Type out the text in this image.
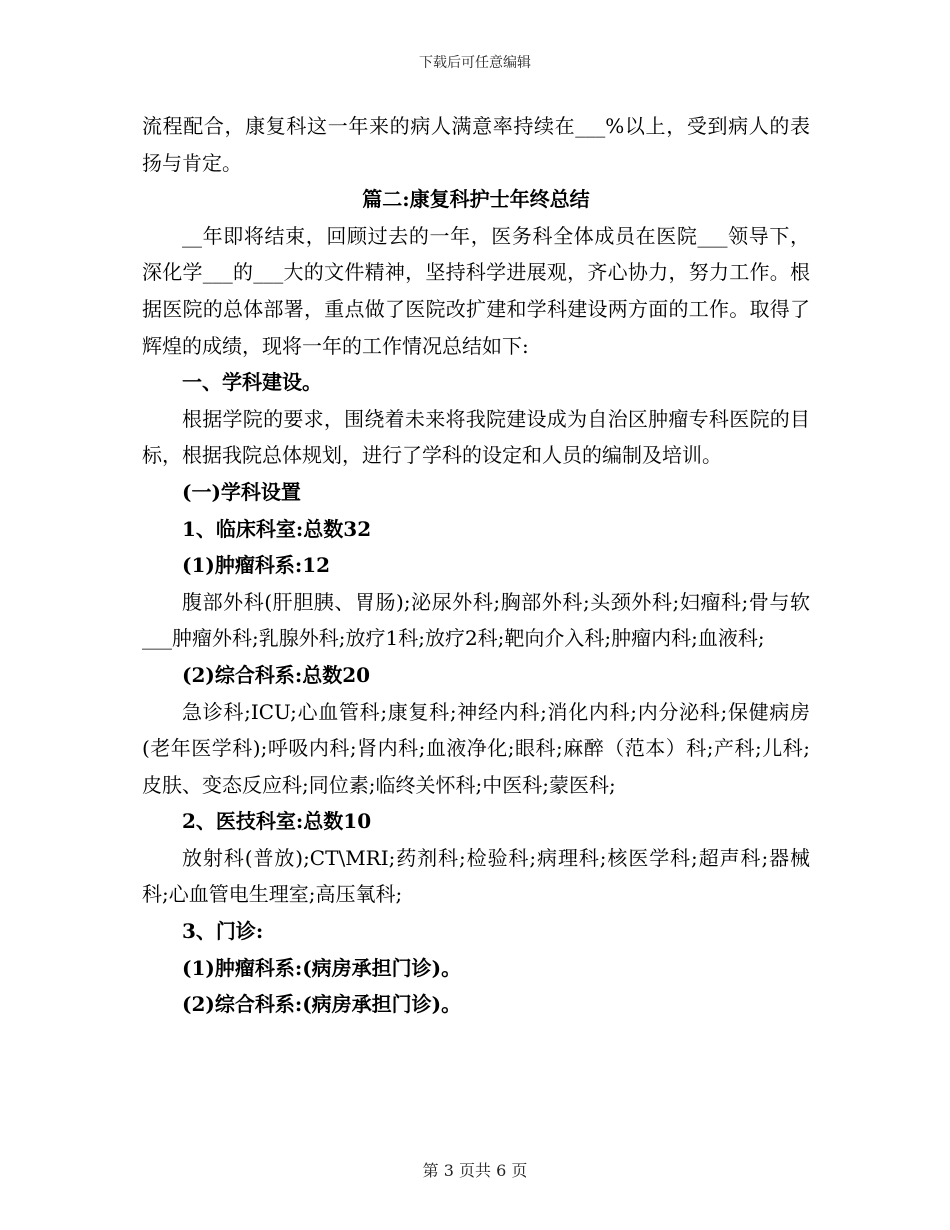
下载后可任意编辑

流程配合，康复科这一年来的病人满意率持续在___%以上，受到病人的表扬与肯定。

篇二:康复科护士年终总结

__年即将结束，回顾过去的一年，医务科全体成员在医院___领导下，深化学___的___大的文件精神，坚持科学进展观，齐心协力，努力工作。根据医院的总体部署，重点做了医院改扩建和学科建设两方面的工作。取得了辉煌的成绩，现将一年的工作情况总结如下:

一、学科建设。

根据学院的要求，围绕着未来将我院建设成为自治区肿瘤专科医院的目标，根据我院总体规划，进行了学科的设定和人员的编制及培训。

(一)学科设置

1、临床科室:总数32

(1)肿瘤科系:12

腹部外科(肝胆胰、胃肠);泌尿外科;胸部外科;头颈外科;妇瘤科;骨与软___肿瘤外科;乳腺外科;放疗1科;放疗2科;靶向介入科;肿瘤内科;血液科;

(2)综合科系:总数20

急诊科;ICU;心血管科;康复科;神经内科;消化内科;内分泌科;保健病房(老年医学科);呼吸内科;肾内科;血液净化;眼科;麻醉（范本）科;产科;儿科;皮肤、变态反应科;同位素;临终关怀科;中医科;蒙医科;

2、医技科室:总数10

放射科(普放);CT\MRI;药剂科;检验科;病理科;核医学科;超声科;器械科;心血管电生理室;高压氧科;

3、门诊:

(1)肿瘤科系:(病房承担门诊)。

(2)综合科系:(病房承担门诊)。

第 3 页共 6 页
